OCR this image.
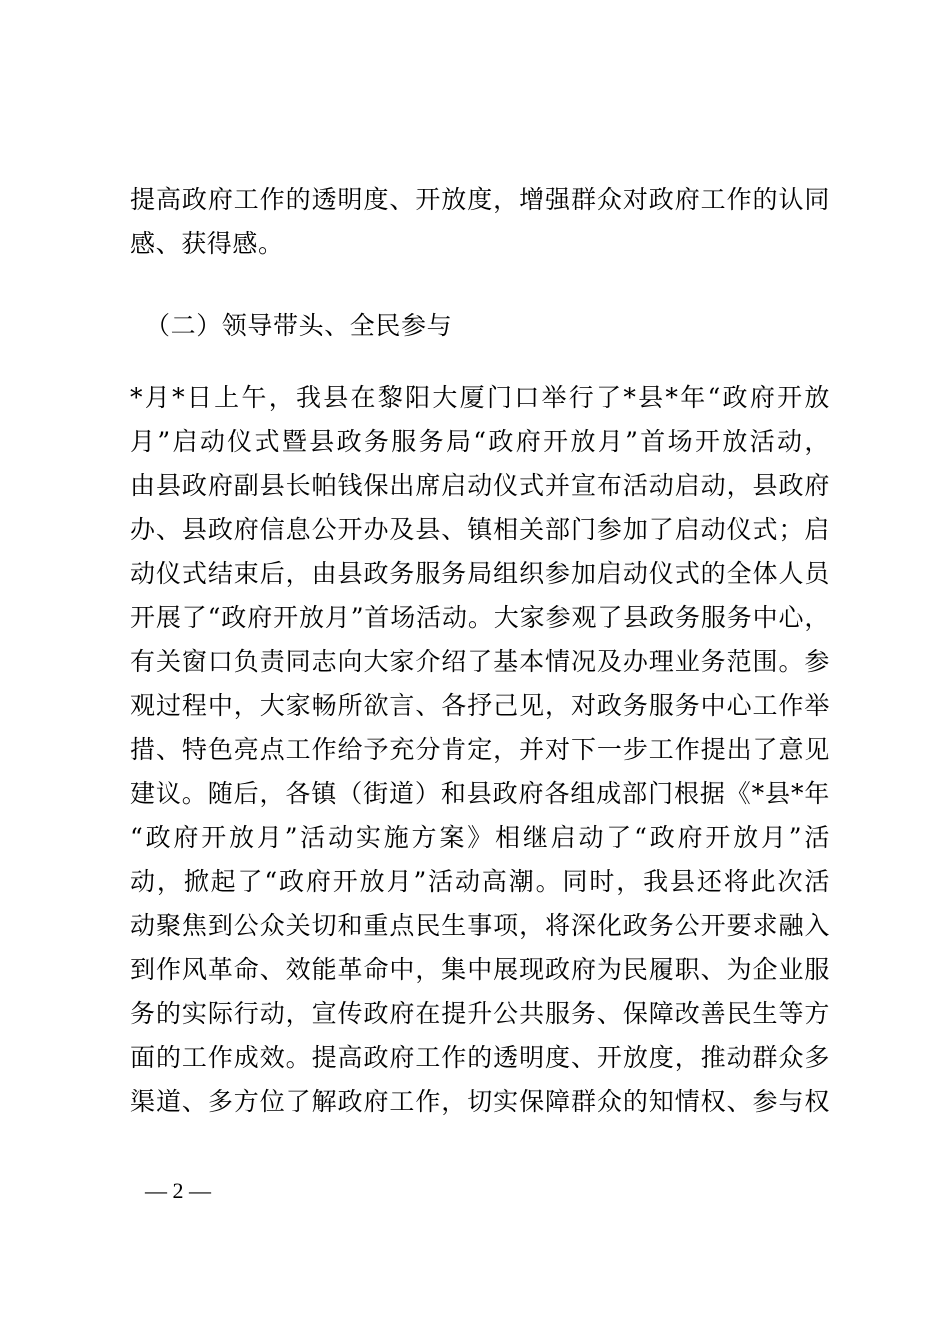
提高政府工作的透明度、开放度，增强群众对政府工作的认同
感、获得感。
（二）领导带头、全民参与
*月*日上午，我县在黎阳大厦门口举行了*县*年“政府开放
月”启动仪式暨县政务服务局“政府开放月”首场开放活动，
由县政府副县长帕钱保出席启动仪式并宣布活动启动，县政府
办、县政府信息公开办及县、镇相关部门参加了启动仪式；启
动仪式结束后，由县政务服务局组织参加启动仪式的全体人员
开展了“政府开放月”首场活动。大家参观了县政务服务中心，
有关窗口负责同志向大家介绍了基本情况及办理业务范围。参
观过程中，大家畅所欲言、各抒己见，对政务服务中心工作举
措、特色亮点工作给予充分肯定，并对下一步工作提出了意见
建议。随后，各镇（街道）和县政府各组成部门根据《*县*年
“政府开放月”活动实施方案》相继启动了“政府开放月”活
动，掀起了“政府开放月”活动高潮。同时，我县还将此次活
动聚焦到公众关切和重点民生事项，将深化政务公开要求融入
到作风革命、效能革命中，集中展现政府为民履职、为企业服
务的实际行动，宣传政府在提升公共服务、保障改善民生等方
面的工作成效。提高政府工作的透明度、开放度，推动群众多
渠道、多方位了解政府工作，切实保障群众的知情权、参与权
— 2 —
